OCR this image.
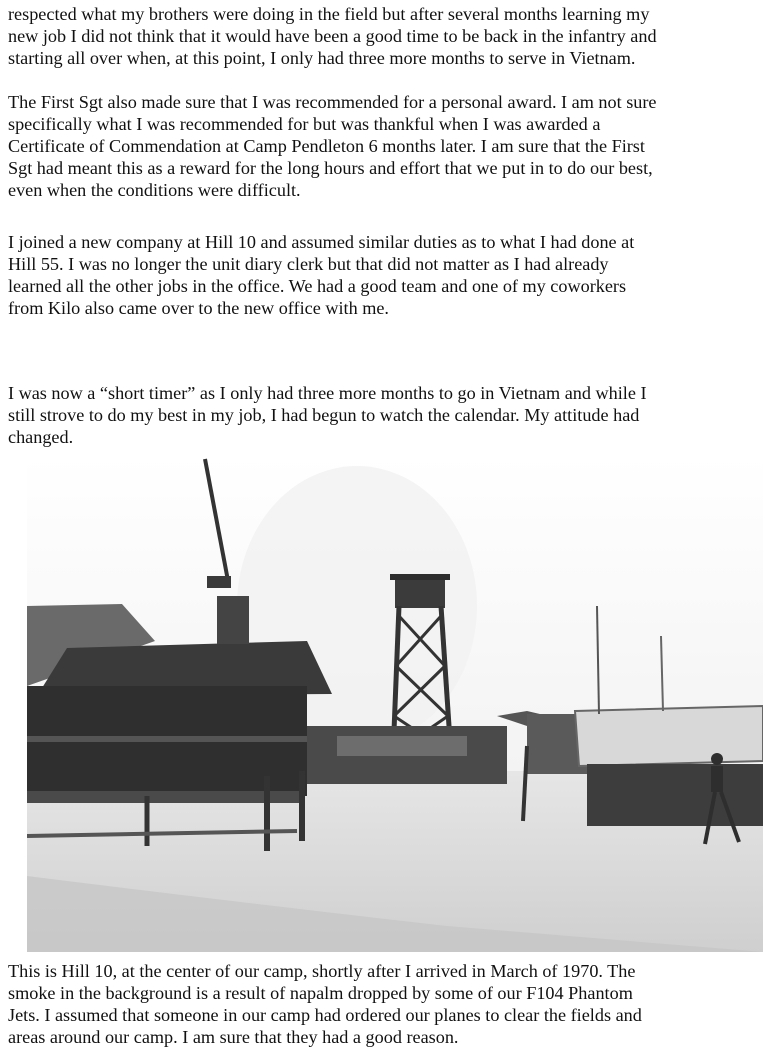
respected what my brothers were doing in the field but after several months learning my
new job I did not think that it would have been a good time to be back in the infantry and
starting all over when, at this point, I only had three more months to serve in Vietnam.
The First Sgt also made sure that I was recommended for a personal award. I am not sure
specifically what I was recommended for but was thankful when I was awarded a
Certificate of Commendation at Camp Pendleton 6 months later. I am sure that the First
Sgt had meant this as a reward for the long hours and effort that we put in to do our best,
even when the conditions were difficult.
I joined a new company at Hill 10 and assumed similar duties as to what I had done at
Hill 55. I was no longer the unit diary clerk but that did not matter as I had already
learned all the other jobs in the office. We had a good team and one of my coworkers
from Kilo also came over to the new office with me.
I was now a “short timer” as I only had three more months to go in Vietnam and while I
still strove to do my best in my job, I had begun to watch the calendar. My attitude had
changed.
This is Hill 10, at the center of our camp, shortly after I arrived in March of 1970. The
smoke in the background is a result of napalm dropped by some of our F104 Phantom
Jets. I assumed that someone in our camp had ordered our planes to clear the fields and
areas around our camp. I am sure that they had a good reason.
